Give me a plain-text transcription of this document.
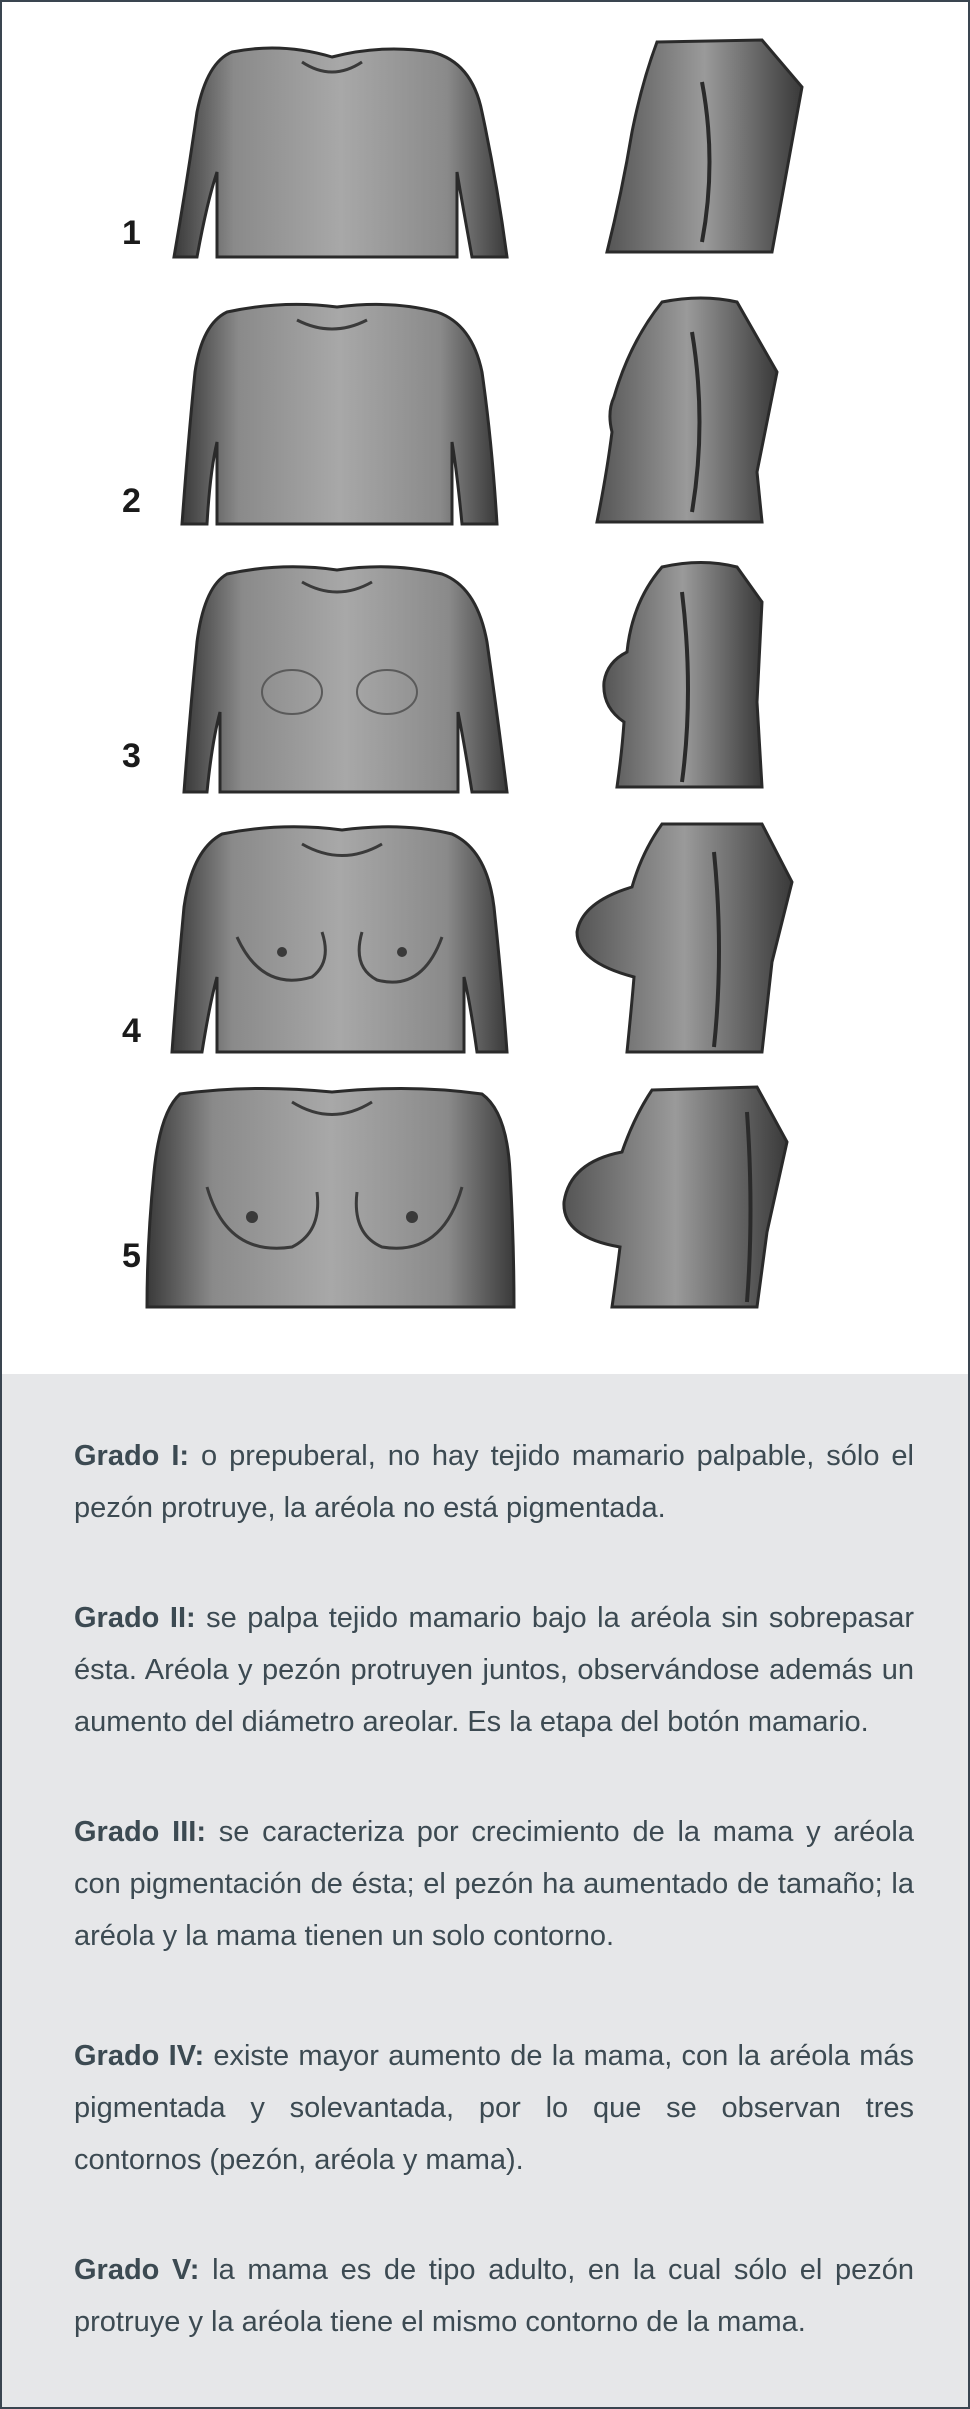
1
2
3
4
5
Grado I: o prepuberal, no hay tejido mamario palpable, sólo el pezón protruye, la aréola no está pigmentada.
Grado II: se palpa tejido mamario bajo la aréola sin sobrepasar ésta. Aréola y pezón protruyen juntos, observándose además un aumento del diámetro areolar. Es la etapa del botón mamario.
Grado III: se caracteriza por crecimiento de la mama y aréola con pigmentación de ésta; el pezón ha aumentado de tamaño; la aréola y la mama tienen un solo contorno.
Grado IV: existe mayor aumento de la mama, con la aréola más pigmentada y solevantada, por lo que se observan tres contornos (pezón, aréola y mama).
Grado V: la mama es de tipo adulto, en la cual sólo el pezón protruye y la aréola tiene el mismo contorno de la mama.
